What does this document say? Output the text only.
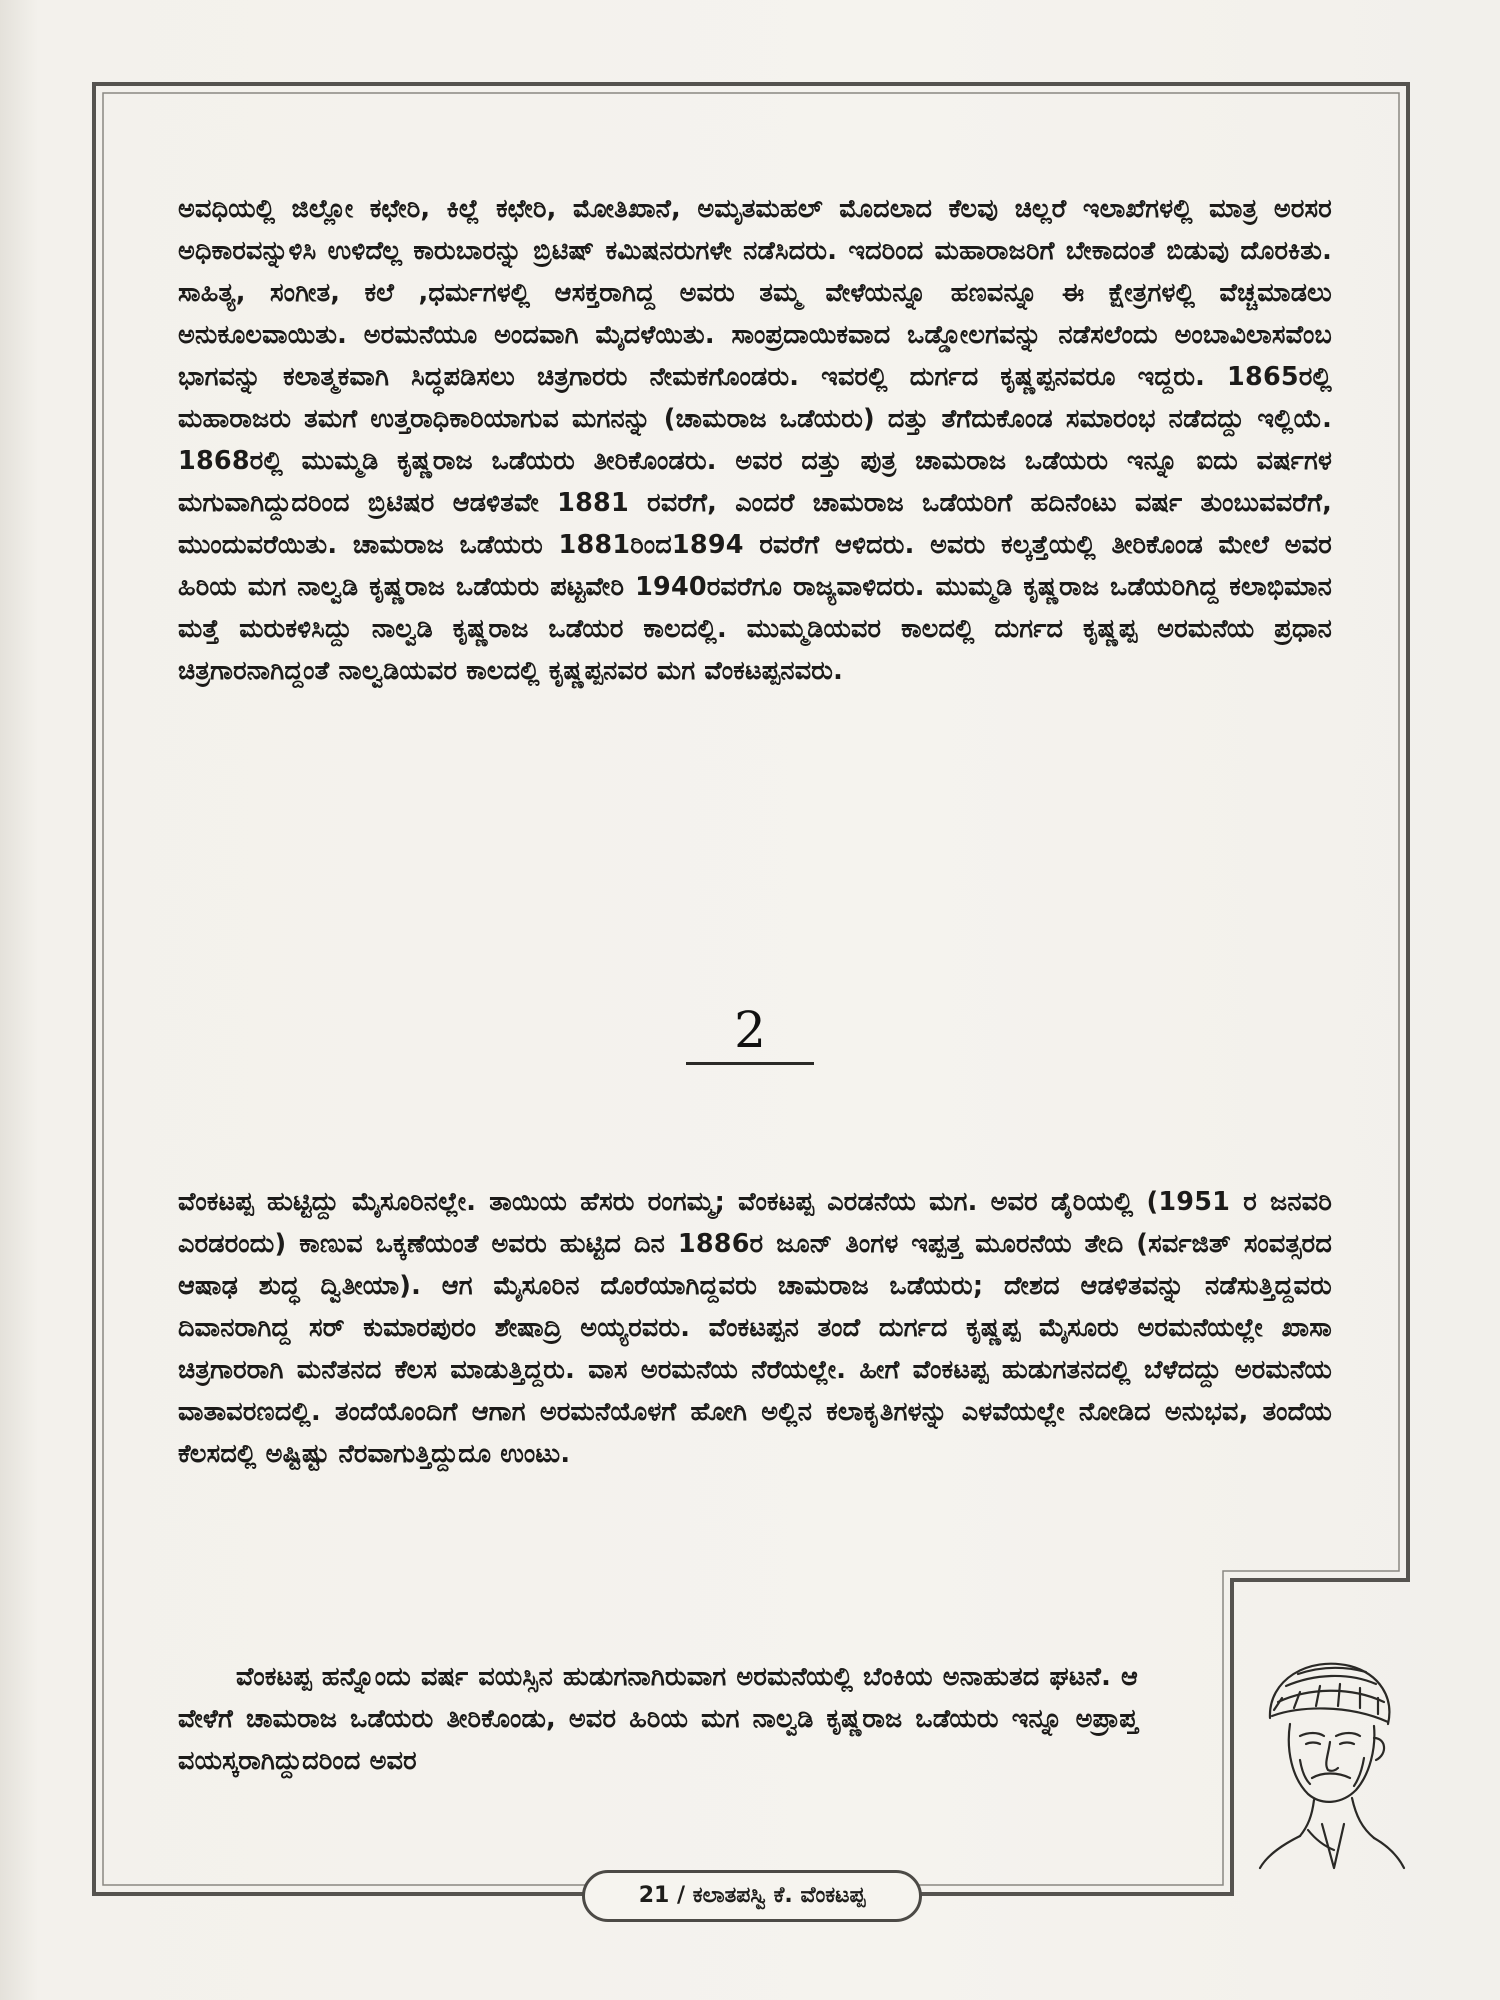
ಅವಧಿಯಲ್ಲಿ ಜಿಲ್ಲೋ ಕಛೇರಿ, ಕಿಲ್ಲೆ ಕಛೇರಿ, ಮೋತಿಖಾನೆ, ಅಮೃತಮಹಲ್ ಮೊದಲಾದ ಕೆಲವು ಚಿಲ್ಲರೆ ಇಲಾಖೆಗಳಲ್ಲಿ ಮಾತ್ರ ಅರಸರ ಅಧಿಕಾರವನ್ನುಳಿಸಿ ಉಳಿದೆಲ್ಲ ಕಾರುಬಾರನ್ನು ಬ್ರಿಟಿಷ್ ಕಮಿಷನರುಗಳೇ ನಡೆಸಿದರು. ಇದರಿಂದ ಮಹಾರಾಜರಿಗೆ ಬೇಕಾದಂತೆ ಬಿಡುವು ದೊರಕಿತು. ಸಾಹಿತ್ಯ, ಸಂಗೀತ, ಕಲೆ ,ಧರ್ಮಗಳಲ್ಲಿ ಆಸಕ್ತರಾಗಿದ್ದ ಅವರು ತಮ್ಮ ವೇಳೆಯನ್ನೂ ಹಣವನ್ನೂ ಈ ಕ್ಷೇತ್ರಗಳಲ್ಲಿ ವೆಚ್ಚಮಾಡಲು ಅನುಕೂಲವಾಯಿತು. ಅರಮನೆಯೂ ಅಂದವಾಗಿ ಮೈದಳೆಯಿತು. ಸಾಂಪ್ರದಾಯಿಕವಾದ ಒಡ್ಡೋಲಗವನ್ನು ನಡೆಸಲೆಂದು ಅಂಬಾವಿಲಾಸವೆಂಬ ಭಾಗವನ್ನು ಕಲಾತ್ಮಕವಾಗಿ ಸಿದ್ಧಪಡಿಸಲು ಚಿತ್ರಗಾರರು ನೇಮಕಗೊಂಡರು. ಇವರಲ್ಲಿ ದುರ್ಗದ ಕೃಷ್ಣಪ್ಪನವರೂ ಇದ್ದರು. 1865ರಲ್ಲಿ ಮಹಾರಾಜರು ತಮಗೆ ಉತ್ತರಾಧಿಕಾರಿಯಾಗುವ ಮಗನನ್ನು (ಚಾಮರಾಜ ಒಡೆಯರು) ದತ್ತು ತೆಗೆದುಕೊಂಡ ಸಮಾರಂಭ ನಡೆದದ್ದು ಇಲ್ಲಿಯೆ. 1868ರಲ್ಲಿ ಮುಮ್ಮಡಿ ಕೃಷ್ಣರಾಜ ಒಡೆಯರು ತೀರಿಕೊಂಡರು. ಅವರ ದತ್ತು ಪುತ್ರ ಚಾಮರಾಜ ಒಡೆಯರು ಇನ್ನೂ ಐದು ವರ್ಷಗಳ ಮಗುವಾಗಿದ್ದುದರಿಂದ ಬ್ರಿಟಿಷರ ಆಡಳಿತವೇ 1881 ರವರೆಗೆ, ಎಂದರೆ ಚಾಮರಾಜ ಒಡೆಯರಿಗೆ ಹದಿನೆಂಟು ವರ್ಷ ತುಂಬುವವರೆಗೆ, ಮುಂದುವರೆಯಿತು. ಚಾಮರಾಜ ಒಡೆಯರು 1881ರಿಂದ1894 ರವರೆಗೆ ಆಳಿದರು. ಅವರು ಕಲ್ಕತ್ತೆಯಲ್ಲಿ ತೀರಿಕೊಂಡ ಮೇಲೆ ಅವರ ಹಿರಿಯ ಮಗ ನಾಲ್ವಡಿ ಕೃಷ್ಣರಾಜ ಒಡೆಯರು ಪಟ್ಟವೇರಿ 1940ರವರೆಗೂ ರಾಜ್ಯವಾಳಿದರು. ಮುಮ್ಮಡಿ ಕೃಷ್ಣರಾಜ ಒಡೆಯರಿಗಿದ್ದ ಕಲಾಭಿಮಾನ ಮತ್ತೆ ಮರುಕಳಿಸಿದ್ದು ನಾಲ್ವಡಿ ಕೃಷ್ಣರಾಜ ಒಡೆಯರ ಕಾಲದಲ್ಲಿ. ಮುಮ್ಮಡಿಯವರ ಕಾಲದಲ್ಲಿ ದುರ್ಗದ ಕೃಷ್ಣಪ್ಪ ಅರಮನೆಯ ಪ್ರಧಾನ ಚಿತ್ರಗಾರನಾಗಿದ್ದಂತೆ ನಾಲ್ವಡಿಯವರ ಕಾಲದಲ್ಲಿ ಕೃಷ್ಣಪ್ಪನವರ ಮಗ ವೆಂಕಟಪ್ಪನವರು.

2

ವೆಂಕಟಪ್ಪ ಹುಟ್ಟಿದ್ದು ಮೈಸೂರಿನಲ್ಲೇ. ತಾಯಿಯ ಹೆಸರು ರಂಗಮ್ಮ; ವೆಂಕಟಪ್ಪ ಎರಡನೆಯ ಮಗ. ಅವರ ಡೈರಿಯಲ್ಲಿ (1951 ರ ಜನವರಿ ಎರಡರಂದು) ಕಾಣುವ ಒಕ್ಕಣೆಯಂತೆ ಅವರು ಹುಟ್ಟಿದ ದಿನ 1886ರ ಜೂನ್ ತಿಂಗಳ ಇಪ್ಪತ್ತ ಮೂರನೆಯ ತೇದಿ (ಸರ್ವಜಿತ್ ಸಂವತ್ಸರದ ಆಷಾಢ ಶುದ್ಧ ದ್ವಿತೀಯಾ). ಆಗ ಮೈಸೂರಿನ ದೊರೆಯಾಗಿದ್ದವರು ಚಾಮರಾಜ ಒಡೆಯರು; ದೇಶದ ಆಡಳಿತವನ್ನು ನಡೆಸುತ್ತಿದ್ದವರು ದಿವಾನರಾಗಿದ್ದ ಸರ್ ಕುಮಾರಪುರಂ ಶೇಷಾದ್ರಿ ಅಯ್ಯರವರು. ವೆಂಕಟಪ್ಪನ ತಂದೆ ದುರ್ಗದ ಕೃಷ್ಣಪ್ಪ ಮೈಸೂರು ಅರಮನೆಯಲ್ಲೇ ಖಾಸಾ ಚಿತ್ರಗಾರರಾಗಿ ಮನೆತನದ ಕೆಲಸ ಮಾಡುತ್ತಿದ್ದರು. ವಾಸ ಅರಮನೆಯ ನೆರೆಯಲ್ಲೇ. ಹೀಗೆ ವೆಂಕಟಪ್ಪ ಹುಡುಗತನದಲ್ಲಿ ಬೆಳೆದದ್ದು ಅರಮನೆಯ ವಾತಾವರಣದಲ್ಲಿ. ತಂದೆಯೊಂದಿಗೆ ಆಗಾಗ ಅರಮನೆಯೊಳಗೆ ಹೋಗಿ ಅಲ್ಲಿನ ಕಲಾಕೃತಿಗಳನ್ನು ಎಳವೆಯಲ್ಲೇ ನೋಡಿದ ಅನುಭವ, ತಂದೆಯ ಕೆಲಸದಲ್ಲಿ ಅಷ್ಟಿಷ್ಟು ನೆರವಾಗುತ್ತಿದ್ದುದೂ ಉಂಟು.

ವೆಂಕಟಪ್ಪ ಹನ್ನೊಂದು ವರ್ಷ ವಯಸ್ಸಿನ ಹುಡುಗನಾಗಿರುವಾಗ ಅರಮನೆಯಲ್ಲಿ ಬೆಂಕಿಯ ಅನಾಹುತದ ಘಟನೆ. ಆ ವೇಳೆಗೆ ಚಾಮರಾಜ ಒಡೆಯರು ತೀರಿಕೊಂಡು, ಅವರ ಹಿರಿಯ ಮಗ ನಾಲ್ವಡಿ ಕೃಷ್ಣರಾಜ ಒಡೆಯರು ಇನ್ನೂ ಅಪ್ರಾಪ್ತ ವಯಸ್ಕರಾಗಿದ್ದುದರಿಂದ ಅವರ

21 / ಕಲಾತಪಸ್ವಿ ಕೆ. ವೆಂಕಟಪ್ಪ
